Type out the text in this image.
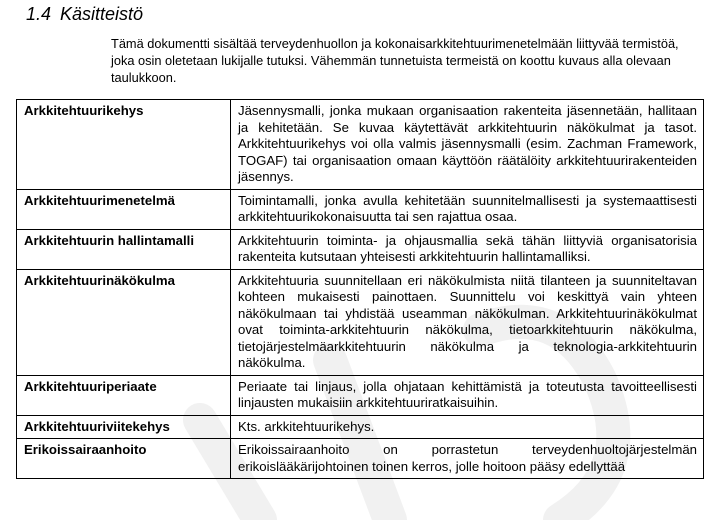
1.4 Käsitteistö

Tämä dokumentti sisältää terveydenhuollon ja kokonaisarkkitehtuurimenetelmään liittyvää termistöä, joka osin oletetaan lukijalle tutuksi. Vähemmän tunnetuista termeistä on koottu kuvaus alla olevaan taulukkoon.

Arkkitehtuurikehys	Jäsennysmalli, jonka mukaan organisaation rakenteita jäsennetään, hallitaan ja kehitetään. Se kuvaa käytettävät arkkitehtuurin näkökulmat ja tasot. Arkkitehtuurikehys voi olla valmis jäsennysmalli (esim. Zachman Framework, TOGAF) tai organisaation omaan käyttöön räätälöity arkkitehtuurirakenteiden jäsennys.
Arkkitehtuurimenetelmä	Toimintamalli, jonka avulla kehitetään suunnitelmallisesti ja systemaattisesti arkkitehtuurikokonaisuutta tai sen rajattua osaa.
Arkkitehtuurin hallintamalli	Arkkitehtuurin toiminta- ja ohjausmallia sekä tähän liittyviä organisatorisia rakenteita kutsutaan yhteisesti arkkitehtuurin hallintamalliksi.
Arkkitehtuurinäkökulma	Arkkitehtuuria suunnitellaan eri näkökulmista niitä tilanteen ja suunniteltavan kohteen mukaisesti painottaen. Suunnittelu voi keskittyä vain yhteen näkökulmaan tai yhdistää useamman näkökulman. Arkkitehtuurinäkökulmat ovat toiminta-arkkitehtuurin näkökulma, tietoarkkitehtuurin näkökulma, tietojärjestelmäarkkitehtuurin näkökulma ja teknologia-arkkitehtuurin näkökulma.
Arkkitehtuuriperiaate	Periaate tai linjaus, jolla ohjataan kehittämistä ja toteutusta tavoitteellisesti linjausten mukaisiin arkkitehtuuriratkaisuihin.
Arkkitehtuuriviitekehys	Kts. arkkitehtuurikehys.
Erikoissairaanhoito	Erikoissairaanhoito on porrastetun terveydenhuoltojärjestelmän erikoislääkärijohtoinen toinen kerros, jolle hoitoon pääsy edellyttää
